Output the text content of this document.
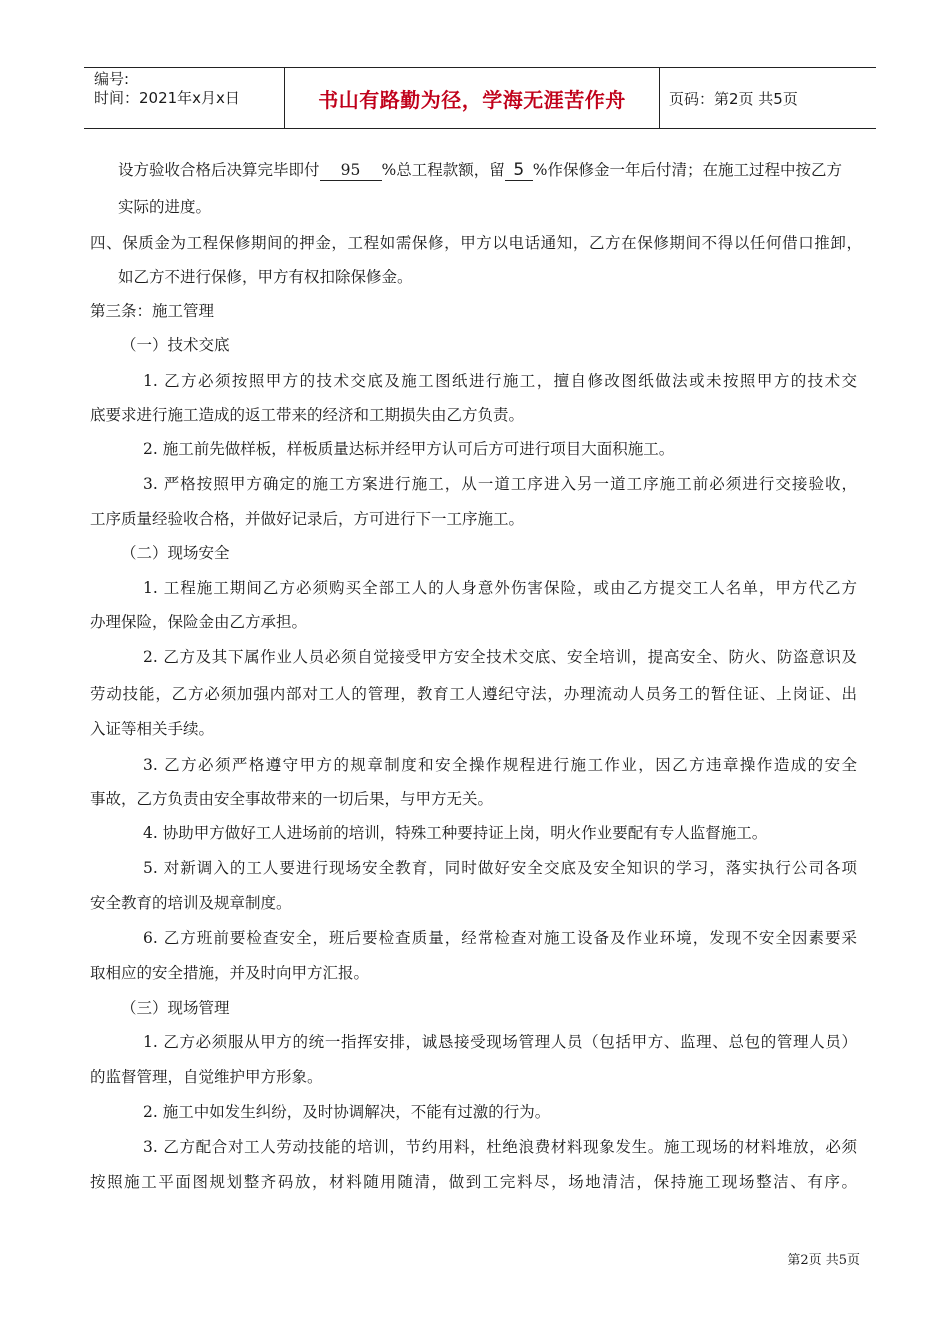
编号:
时间：2021年x月x日	书山有路勤为径，学海无涯苦作舟	页码：第2页 共5页
设方验收合格后决算完毕即付 95 %总工程款额，留 5 %作保修金一年后付清；在施工过程中按乙方
实际的进度。
四、保质金为工程保修期间的押金，工程如需保修，甲方以电话通知，乙方在保修期间不得以任何借口推卸，
如乙方不进行保修，甲方有权扣除保修金。
第三条：施工管理
（一）技术交底
1. 乙方必须按照甲方的技术交底及施工图纸进行施工，擅自修改图纸做法或未按照甲方的技术交
底要求进行施工造成的返工带来的经济和工期损失由乙方负责。
2. 施工前先做样板，样板质量达标并经甲方认可后方可进行项目大面积施工。
3. 严格按照甲方确定的施工方案进行施工，从一道工序进入另一道工序施工前必须进行交接验收，
工序质量经验收合格，并做好记录后，方可进行下一工序施工。
（二）现场安全
1. 工程施工期间乙方必须购买全部工人的人身意外伤害保险，或由乙方提交工人名单，甲方代乙方
办理保险，保险金由乙方承担。
2. 乙方及其下属作业人员必须自觉接受甲方安全技术交底、安全培训，提高安全、防火、防盗意识及
劳动技能，乙方必须加强内部对工人的管理，教育工人遵纪守法，办理流动人员务工的暂住证、上岗证、出
入证等相关手续。
3. 乙方必须严格遵守甲方的规章制度和安全操作规程进行施工作业，因乙方违章操作造成的安全
事故，乙方负责由安全事故带来的一切后果，与甲方无关。
4. 协助甲方做好工人进场前的培训，特殊工种要持证上岗，明火作业要配有专人监督施工。
5. 对新调入的工人要进行现场安全教育，同时做好安全交底及安全知识的学习，落实执行公司各项
安全教育的培训及规章制度。
6. 乙方班前要检查安全，班后要检查质量，经常检查对施工设备及作业环境，发现不安全因素要采
取相应的安全措施，并及时向甲方汇报。
（三）现场管理
1. 乙方必须服从甲方的统一指挥安排，诚恳接受现场管理人员（包括甲方、监理、总包的管理人员）
的监督管理，自觉维护甲方形象。
2. 施工中如发生纠纷，及时协调解决，不能有过激的行为。
3. 乙方配合对工人劳动技能的培训，节约用料，杜绝浪费材料现象发生。施工现场的材料堆放，必须
按照施工平面图规划整齐码放，材料随用随清，做到工完料尽，场地清洁，保持施工现场整洁、有序。
第2页 共5页
